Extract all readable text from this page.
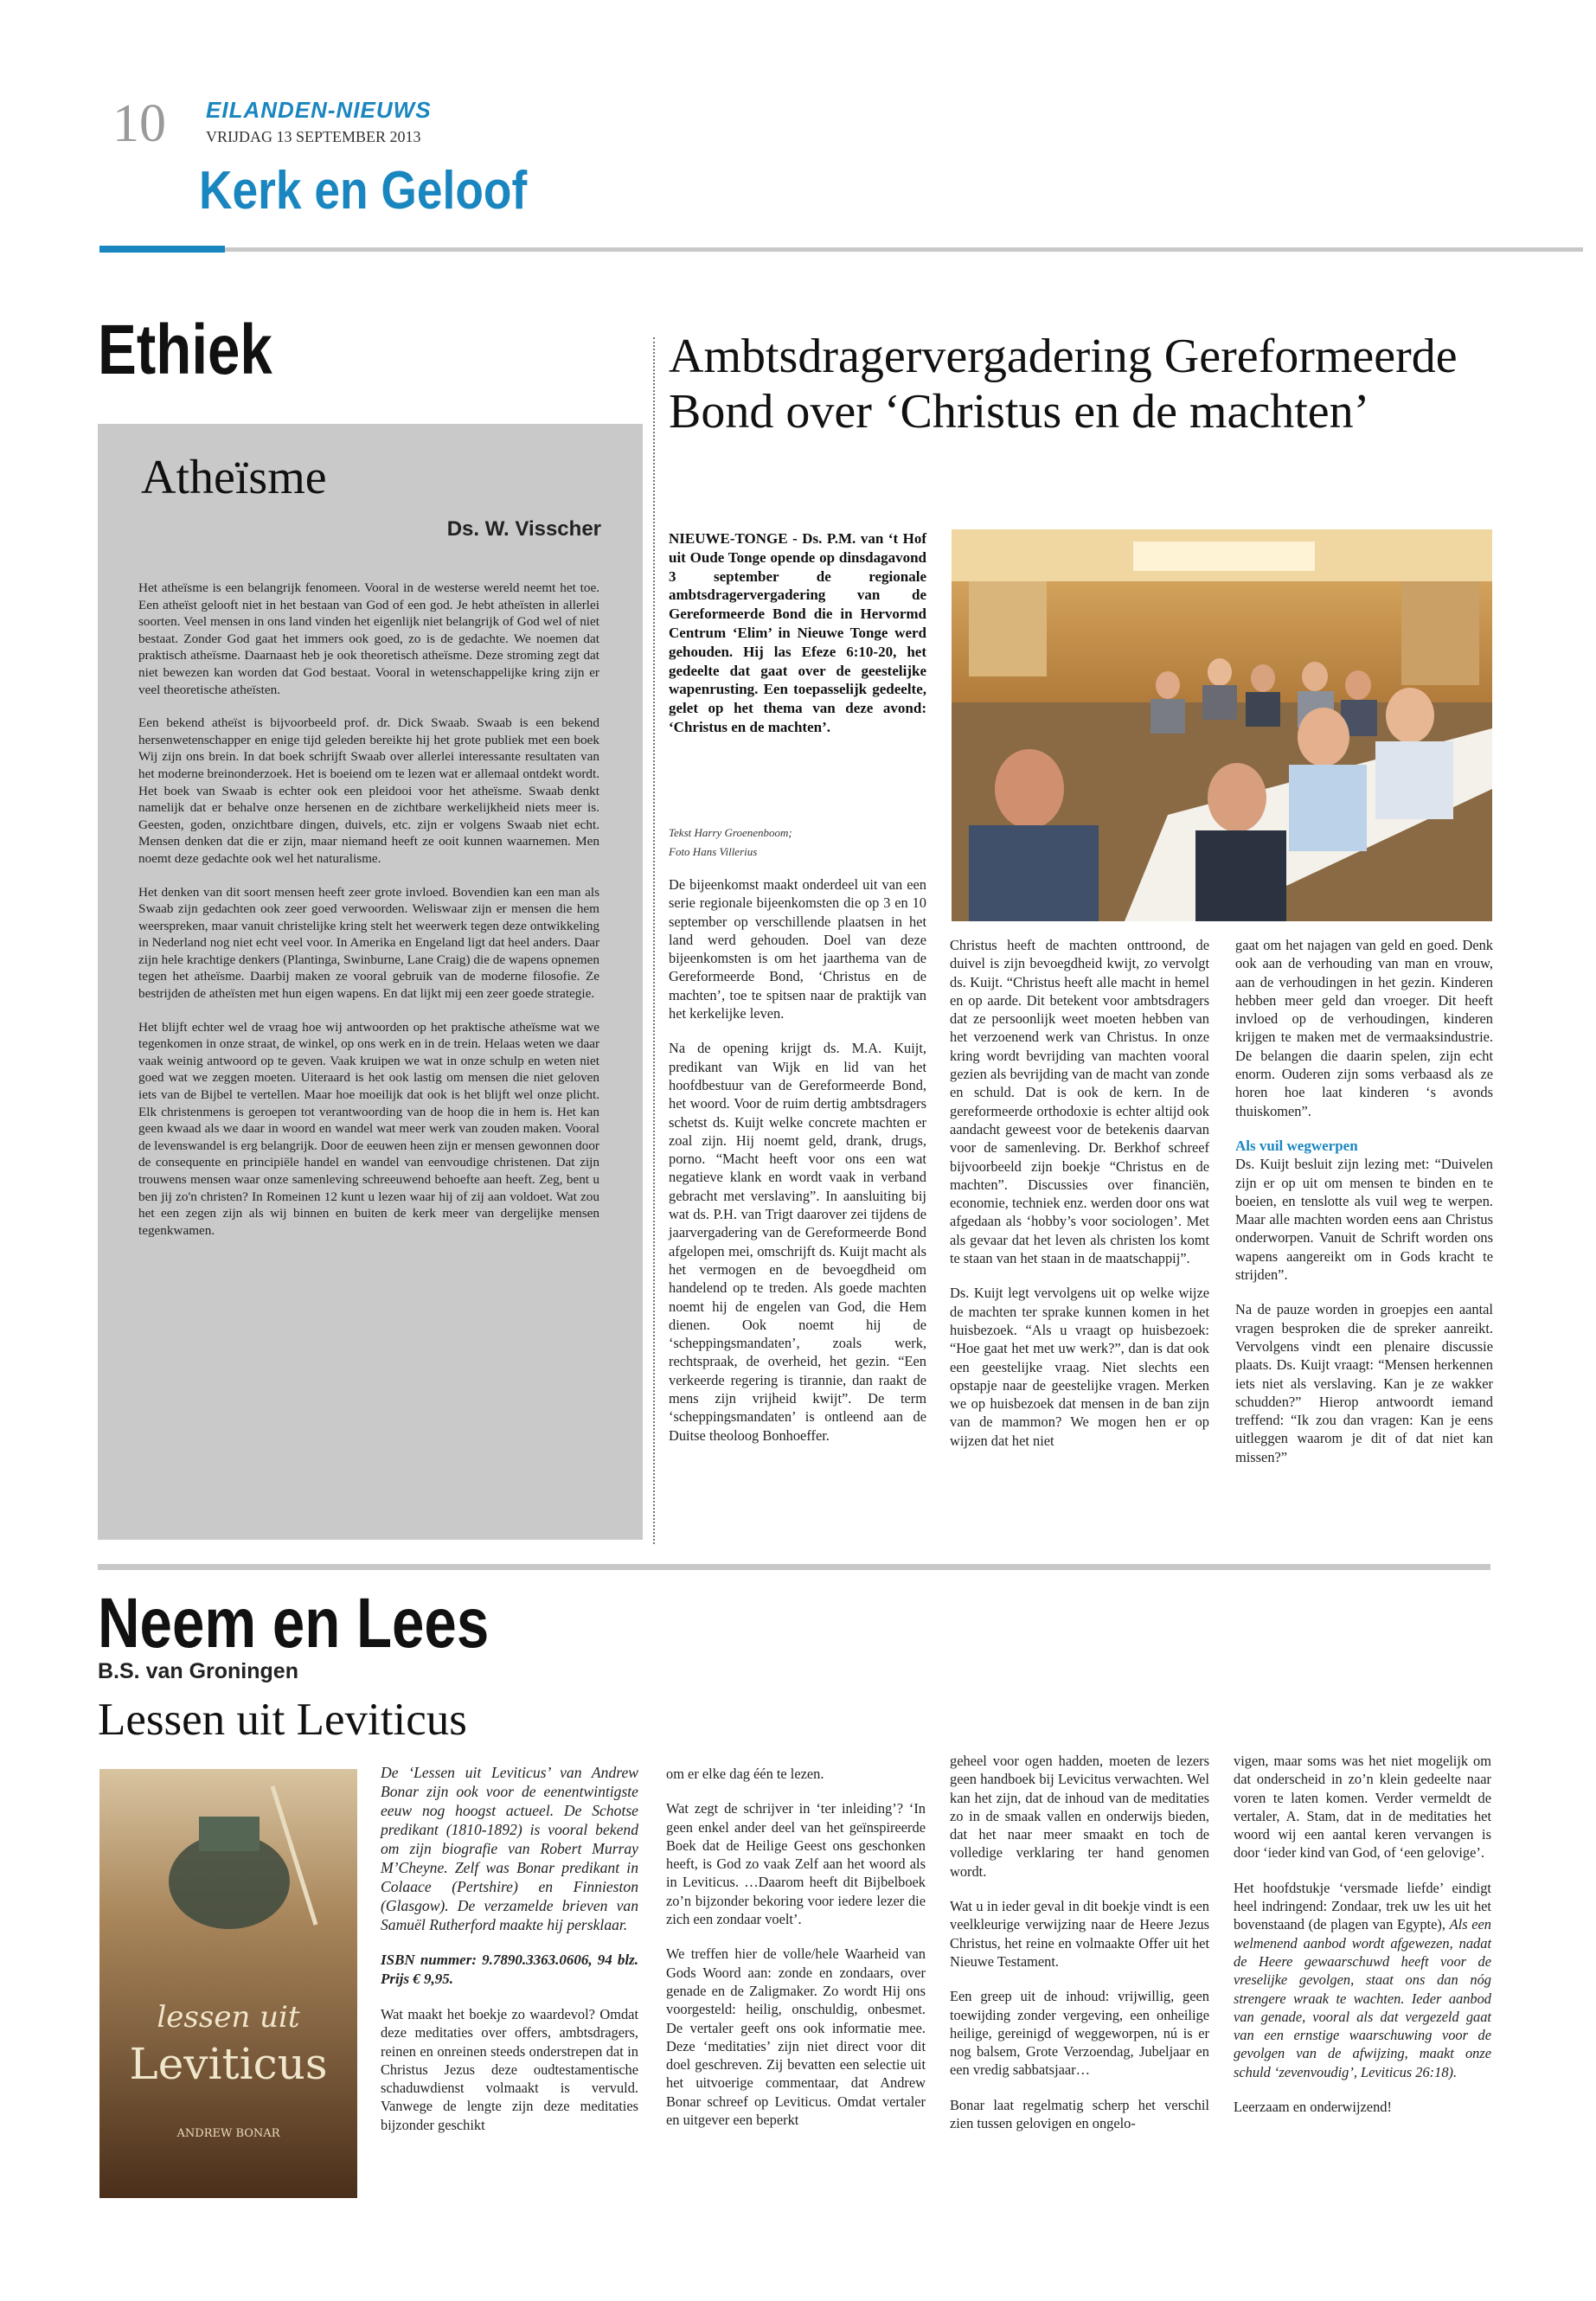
10 EILANDEN-NIEUWS
VRIJDAG 13 SEPTEMBER 2013
Kerk en Geloof
Ethiek
Atheïsme
Ds. W. Visscher

Het atheïsme is een belangrijk fenomeen. Vooral in de westerse wereld neemt het toe. Een atheïst gelooft niet in het bestaan van God of een god. Je hebt atheïsten in allerlei soorten. Veel mensen in ons land vinden het eigenlijk niet belangrijk of God wel of niet bestaat. Zonder God gaat het immers ook goed, zo is de gedachte. We noemen dat praktisch atheïsme. Daarnaast heb je ook theoretisch atheïsme. Deze stroming zegt dat niet bewezen kan worden dat God bestaat. Vooral in wetenschappelijke kring zijn er veel theoretische atheïsten.

Een bekend atheïst is bijvoorbeeld prof. dr. Dick Swaab. Swaab is een bekend hersenwetenschapper en enige tijd geleden bereikte hij het grote publiek met een boek Wij zijn ons brein. In dat boek schrijft Swaab over allerlei interessante resultaten van het moderne breinonderzoek. Het is boeiend om te lezen wat er allemaal ontdekt wordt. Het boek van Swaab is echter ook een pleidooi voor het atheïsme. Swaab denkt namelijk dat er behalve onze hersenen en de zichtbare werkelijkheid niets meer is. Geesten, goden, onzichtbare dingen, duivels, etc. zijn er volgens Swaab niet echt. Mensen denken dat die er zijn, maar niemand heeft ze ooit kunnen waarnemen. Men noemt deze gedachte ook wel het naturalisme.

Het denken van dit soort mensen heeft zeer grote invloed. Bovendien kan een man als Swaab zijn gedachten ook zeer goed verwoorden. Weliswaar zijn er mensen die hem weerspreken, maar vanuit christelijke kring stelt het weerwerk tegen deze ontwikkeling in Nederland nog niet echt veel voor. In Amerika en Engeland ligt dat heel anders. Daar zijn hele krachtige denkers (Plantinga, Swinburne, Lane Craig) die de wapens opnemen tegen het atheïsme. Daarbij maken ze vooral gebruik van de moderne filosofie. Ze bestrijden de atheïsten met hun eigen wapens. En dat lijkt mij een zeer goede strategie.

Het blijft echter wel de vraag hoe wij antwoorden op het praktische atheïsme wat we tegenkomen in onze straat, de winkel, op ons werk en in de trein. Helaas weten we daar vaak weinig antwoord op te geven. Vaak kruipen we wat in onze schulp en weten niet goed wat we zeggen moeten. Uiteraard is het ook lastig om mensen die niet geloven iets van de Bijbel te vertellen. Maar hoe moeilijk dat ook is het blijft wel onze plicht. Elk christenmens is geroepen tot verantwoording van de hoop die in hem is. Het kan geen kwaad als we daar in woord en wandel wat meer werk van zouden maken. Vooral de levenswandel is erg belangrijk. Door de eeuwen heen zijn er mensen gewonnen door de consequente en principiële handel en wandel van eenvoudige christenen. Dat zijn trouwens mensen waar onze samenleving schreeuwend behoefte aan heeft. Zeg, bent u ben jij zo'n christen? In Romeinen 12 kunt u lezen waar hij of zij aan voldoet. Wat zou het een zegen zijn als wij binnen en buiten de kerk meer van dergelijke mensen tegenkwamen.

Ambtsdragervergadering Gereformeerde Bond over ‘Christus en de machten’
NIEUWE-TONGE - Ds. P.M. van ‘t Hof uit Oude Tonge opende op dinsdagavond 3 september de regionale ambtsdragervergadering van de Gereformeerde Bond die in Hervormd Centrum ‘Elim’ in Nieuwe Tonge werd gehouden. Hij las Efeze 6:10-20, het gedeelte dat gaat over de geestelijke wapenrusting. Een toepasselijk gedeelte, gelet op het thema van deze avond: ‘Christus en de machten’.
Tekst Harry Groenenboom;
Foto Hans Villerius

De bijeenkomst maakt onderdeel uit van een serie regionale bijeenkomsten die op 3 en 10 september op verschillende plaatsen in het land werd gehouden. Doel van deze bijeenkomsten is om het jaarthema van de Gereformeerde Bond, ‘Christus en de machten’, toe te spitsen naar de praktijk van het kerkelijke leven.

Na de opening krijgt ds. M.A. Kuijt, predikant van Wijk en lid van het hoofdbestuur van de Gereformeerde Bond, het woord. Voor de ruim dertig ambtsdragers schetst ds. Kuijt welke concrete machten er zoal zijn. Hij noemt geld, drank, drugs, porno. “Macht heeft voor ons een wat negatieve klank en wordt vaak in verband gebracht met verslaving”. In aansluiting bij wat ds. P.H. van Trigt daarover zei tijdens de jaarvergadering van de Gereformeerde Bond afgelopen mei, omschrijft ds. Kuijt macht als het vermogen en de bevoegdheid om handelend op te treden. Als goede machten noemt hij de engelen van God, die Hem dienen. Ook noemt hij de ‘scheppingsmandaten’, zoals werk, rechtspraak, de overheid, het gezin. “Een verkeerde regering is tirannie, dan raakt de mens zijn vrijheid kwijt”. De term ‘scheppingsmandaten’ is ontleend aan de Duitse theoloog Bonhoeffer.

Christus heeft de machten onttroond, de duivel is zijn bevoegdheid kwijt, zo vervolgt ds. Kuijt. “Christus heeft alle macht in hemel en op aarde. Dit betekent voor ambtsdragers dat ze persoonlijk weet moeten hebben van het verzoenend werk van Christus. In onze kring wordt bevrijding van machten vooral gezien als bevrijding van de macht van zonde en schuld. Dat is ook de kern. In de gereformeerde orthodoxie is echter altijd ook aandacht geweest voor de betekenis daarvan voor de samenleving. Dr. Berkhof schreef bijvoorbeeld zijn boekje “Christus en de machten”. Discussies over financiën, economie, techniek enz. werden door ons wat afgedaan als ‘hobby’s voor sociologen’. Met als gevaar dat het leven als christen los komt te staan van het staan in de maatschappij”.

Ds. Kuijt legt vervolgens uit op welke wijze de machten ter sprake kunnen komen in het huisbezoek. “Als u vraagt op huisbezoek: “Hoe gaat het met uw werk?”, dan is dat ook een geestelijke vraag. Niet slechts een opstapje naar de geestelijke vragen. Merken we op huisbezoek dat mensen in de ban zijn van de mammon? We mogen hen er op wijzen dat het niet

gaat om het najagen van geld en goed. Denk ook aan de verhouding van man en vrouw, aan de verhoudingen in het gezin. Kinderen hebben meer geld dan vroeger. Dit heeft invloed op de verhoudingen, kinderen krijgen te maken met de vermaaksindustrie. De belangen die daarin spelen, zijn echt enorm. Ouderen zijn soms verbaasd als ze horen hoe laat kinderen ‘s avonds thuiskomen”.

Als vuil wegwerpen

Ds. Kuijt besluit zijn lezing met: “Duivelen zijn er op uit om mensen te binden en te boeien, en tenslotte als vuil weg te werpen. Maar alle machten worden eens aan Christus onderworpen. Vanuit de Schrift worden ons wapens aangereikt om in Gods kracht te strijden”.

Na de pauze worden in groepjes een aantal vragen besproken die de spreker aanreikt. Vervolgens vindt een plenaire discussie plaats. Ds. Kuijt vraagt: “Mensen herkennen iets niet als verslaving. Kan je ze wakker schudden?” Hierop antwoordt iemand treffend: “Ik zou dan vragen: Kan je eens uitleggen waarom je dit of dat niet kan missen?”

Neem en Lees
B.S. van Groningen
Lessen uit Leviticus
lessen uit
Leviticus
ANDREW BONAR

De ‘Lessen uit Leviticus’ van Andrew Bonar zijn ook voor de eenentwintigste eeuw nog hoogst actueel. De Schotse predikant (1810-1892) is vooral bekend om zijn biografie van Robert Murray M’Cheyne. Zelf was Bonar predikant in Colaace (Pertshire) en Finnieston (Glasgow). De verzamelde brieven van Samuël Rutherford maakte hij persklaar.

ISBN nummer: 9.7890.3363.0606, 94 blz. Prijs € 9,95.

Wat maakt het boekje zo waardevol? Omdat deze meditaties over offers, ambtsdragers, reinen en onreinen steeds onderstrepen dat in Christus Jezus deze oudtestamentische schaduwdienst volmaakt is vervuld. Vanwege de lengte zijn deze meditaties bijzonder geschikt

om er elke dag één te lezen.

Wat zegt de schrijver in ‘ter inleiding’? ‘In geen enkel ander deel van het geïnspireerde Boek dat de Heilige Geest ons geschonken heeft, is God zo vaak Zelf aan het woord als in Leviticus. …Daarom heeft dit Bijbelboek zo’n bijzonder bekoring voor iedere lezer die zich een zondaar voelt’.

We treffen hier de volle/hele Waarheid van Gods Woord aan: zonde en zondaars, over genade en de Zaligmaker. Zo wordt Hij ons voorgesteld: heilig, onschuldig, onbesmet. De vertaler geeft ons ook informatie mee. Deze ‘meditaties’ zijn niet direct voor dit doel geschreven. Zij bevatten een selectie uit het uitvoerige commentaar, dat Andrew Bonar schreef op Leviticus. Omdat vertaler en uitgever een beperkt

geheel voor ogen hadden, moeten de lezers geen handboek bij Levicitus verwachten. Wel kan het zijn, dat de inhoud van de meditaties zo in de smaak vallen en onderwijs bieden, dat het naar meer smaakt en toch de volledige verklaring ter hand genomen wordt.

Wat u in ieder geval in dit boekje vindt is een veelkleurige verwijzing naar de Heere Jezus Christus, het reine en volmaakte Offer uit het Nieuwe Testament.

Een greep uit de inhoud: vrijwillig, geen toewijding zonder vergeving, een onheilige heilige, gereinigd of weggeworpen, nú is er nog balsem, Grote Verzoendag, Jubeljaar en een vredig sabbatsjaar…

Bonar laat regelmatig scherp het verschil zien tussen gelovigen en ongelo-

vigen, maar soms was het niet mogelijk om dat onderscheid in zo’n klein gedeelte naar voren te laten komen. Verder vermeldt de vertaler, A. Stam, dat in de meditaties het woord wij een aantal keren vervangen is door ‘ieder kind van God, of ‘een gelovige’.

Het hoofdstukje ‘versmade liefde’ eindigt heel indringend: Zondaar, trek uw les uit het bovenstaand (de plagen van Egypte), Als een welmenend aanbod wordt afgewezen, nadat de Heere gewaarschuwd heeft voor de vreselijke gevolgen, staat ons dan nóg strengere wraak te wachten. Ieder aanbod van genade, vooral als dat vergezeld gaat van een ernstige waarschuwing voor de gevolgen van de afwijzing, maakt onze schuld ‘zevenvoudig’, Leviticus 26:18).

Leerzaam en onderwijzend!
